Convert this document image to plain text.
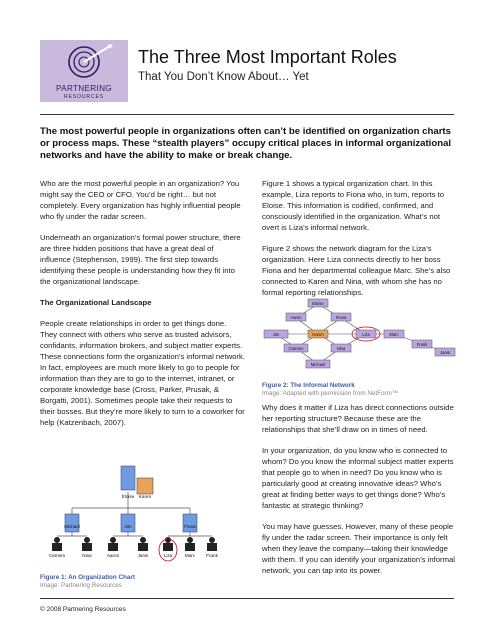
PARTNERING
RESOURCES
The Three Most Important Roles
That You Don’t Know About… Yet
The most powerful people in organizations often can’t be identified on organization charts or process maps. These “stealth players” occupy critical places in informal organizational networks and have the ability to make or break change.

Who are the most powerful people in an organization? You might say the CEO or CFO. You’d be right… but not completely. Every organization has highly influential people who fly under the radar screen.

Underneath an organization’s formal power structure, there are three hidden positions that have a great deal of influence (Stephenson, 1999). The first step towards identifying these people is understanding how they fit into the organizational landscape.

The Organizational Landscape

People create relationships in order to get things done. They connect with others who serve as trusted advisors, confidants, information brokers, and subject matter experts. These connections form the organization’s informal network. In fact, employees are much more likely to go to people for information than they are to go to the internet, intranet, or corporate knowledge base (Cross, Parker, Prusak, & Borgatti, 2001). Sometimes people take their requests to their bosses. But they’re more likely to turn to a coworker for help (Katzenbach, 2007).

Eloise Karen
Michael	Jim	Fiona
Carmen	Nina	Aaron	Janis	Liza	Marc Frank
Figure 1: An Organization Chart
Image: Partnering Resources

Figure 1 shows a typical organization chart. In this example, Liza reports to Fiona who, in turn, reports to Eloise. This information is codified, confirmed, and consciously identified in the organization. What’s not overt is Liza’s informal network.

Figure 2 shows the network diagram for the Liza’s organization. Here Liza connects directly to her boss Fiona and her departmental colleague Marc. She’s also connected to Karen and Nina, with whom she has no formal reporting relationships.

Eloise
Aaron	Fiona
Jim	Karen	Liza	Marc
Frank
Janis
Carmen	Nina
Michael
Figure 2: The Informal Network
Image: Adapted with permission from NetForm™

Why does it matter if Liza has direct connections outside her reporting structure? Because these are the relationships that she’ll draw on in times of need.

In your organization, do you know who is connected to whom? Do you know the informal subject matter experts that people go to when in need? Do you know who is particularly good at creating innovative ideas? Who’s great at finding better ways to get things done? Who’s fantastic at strategic thinking?

You may have guesses. However, many of these people fly under the radar screen. Their importance is only felt when they leave the company—taking their knowledge with them. If you can identify your organization’s informal network, you can tap into its power.

© 2008 Partnering Resources
